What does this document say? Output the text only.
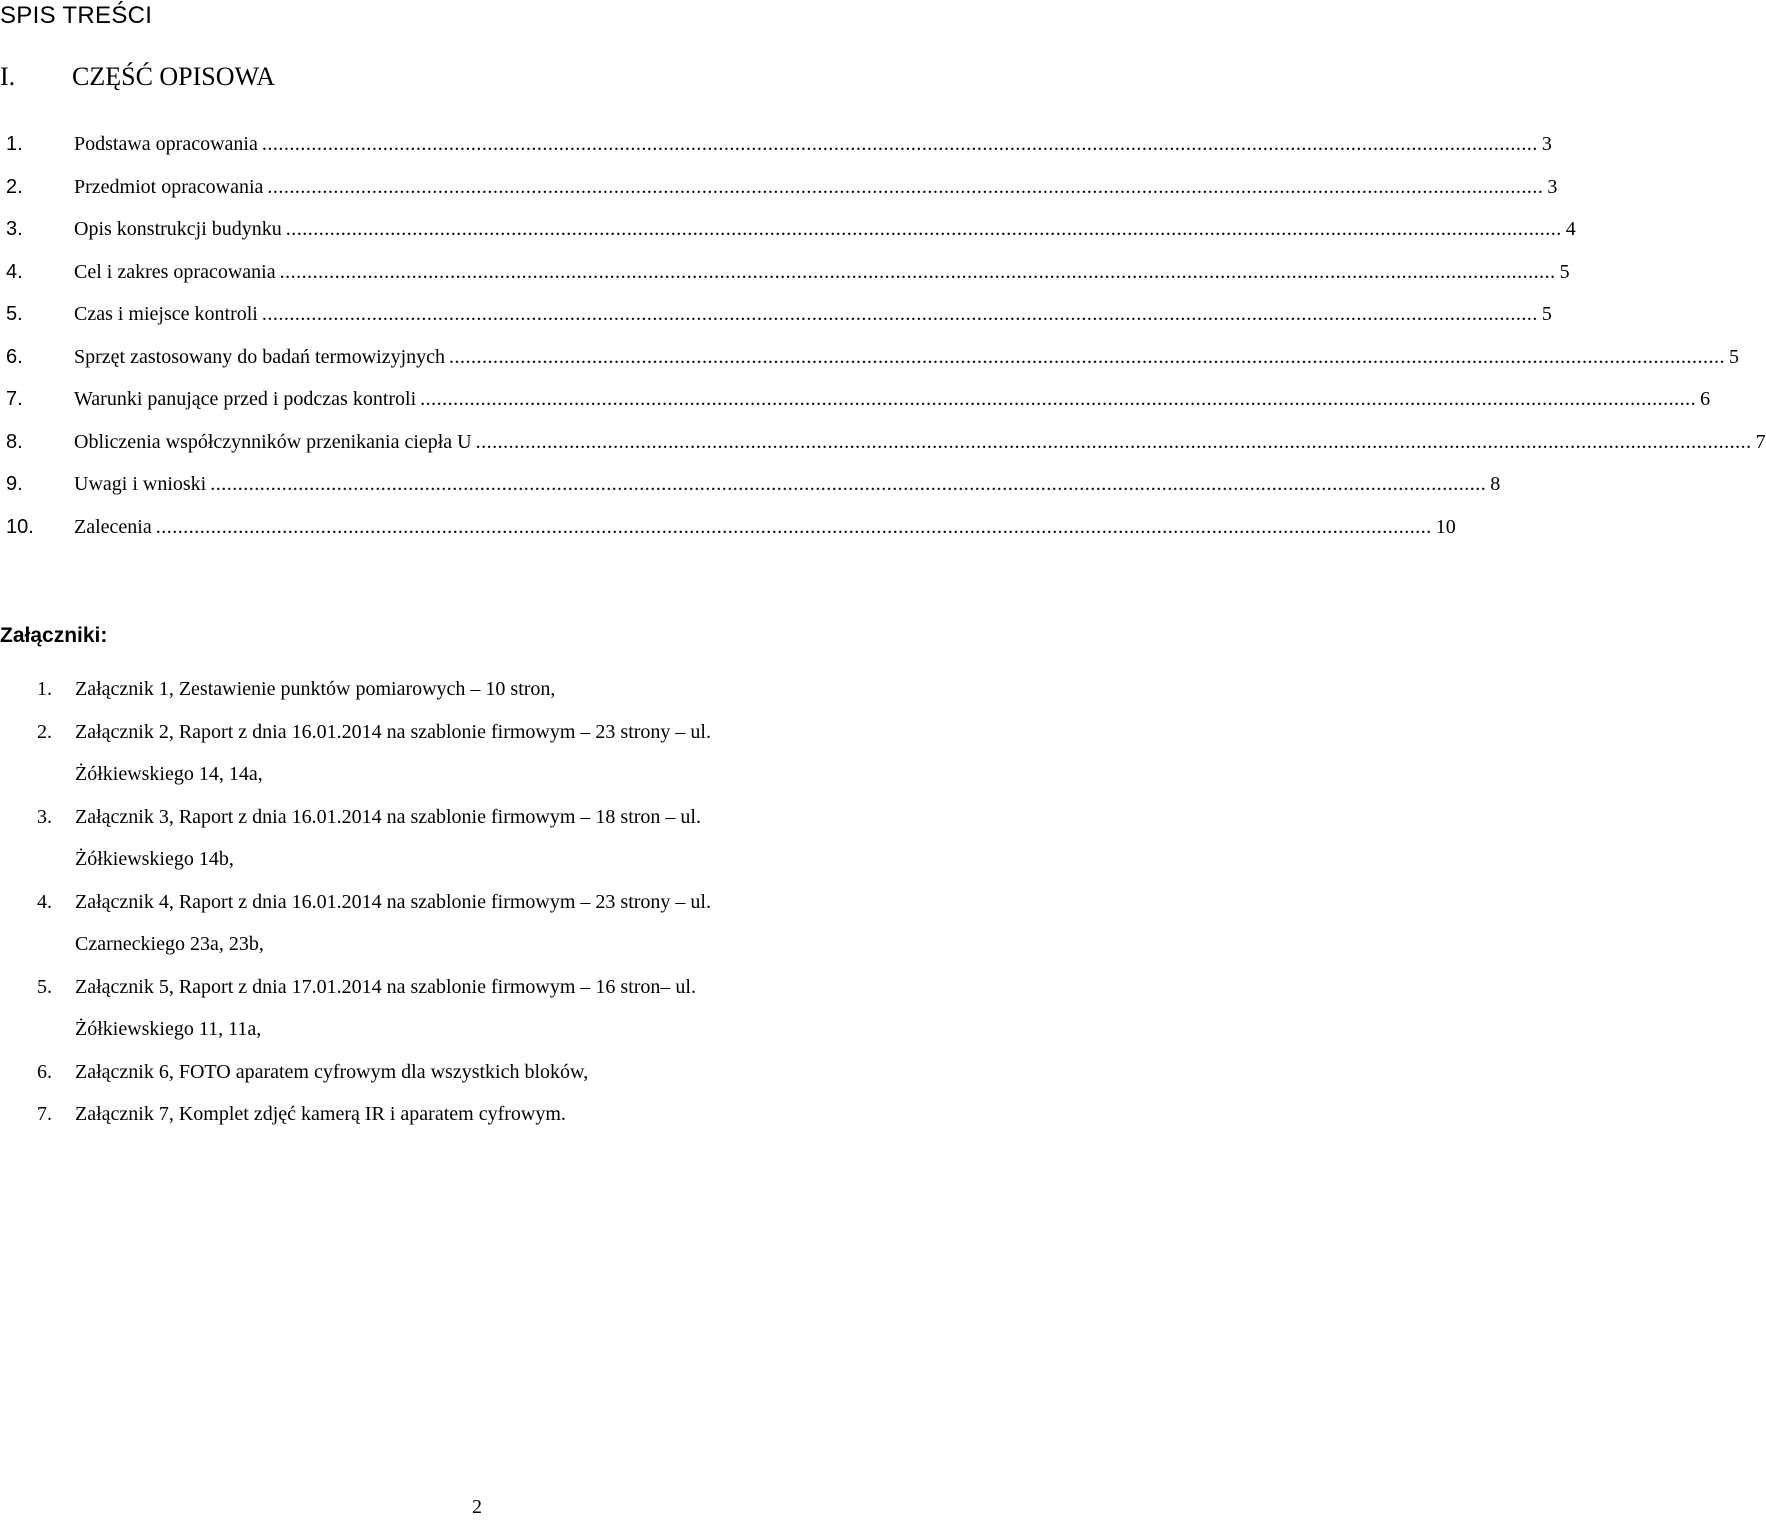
SPIS TREŚCI
I. CZĘŚĆ OPISOWA
1.	Podstawa opracowania .....	3
2.	Przedmiot opracowania .....	3
3.	Opis konstrukcji budynku .....	4
4.	Cel i zakres opracowania .....	5
5.	Czas i miejsce kontroli .....	5
6.	Sprzęt zastosowany do badań termowizyjnych .....	5
7.	Warunki panujące przed i podczas kontroli .....	6
8.	Obliczenia współczynników przenikania ciepła U .....	7
9.	Uwagi i wnioski .....	8
10. Zalecenia .....	10
Załączniki:
1. Załącznik 1, Zestawienie punktów pomiarowych – 10 stron,
2. Załącznik 2, Raport z dnia 16.01.2014 na szablonie firmowym – 23 strony – ul.
Żółkiewskiego 14, 14a,
3. Załącznik 3, Raport z dnia 16.01.2014 na szablonie firmowym – 18 stron – ul.
Żółkiewskiego 14b,
4. Załącznik 4, Raport z dnia 16.01.2014 na szablonie firmowym – 23 strony – ul.
Czarneckiego 23a, 23b,
5. Załącznik 5, Raport z dnia 17.01.2014 na szablonie firmowym – 16 stron– ul.
Żółkiewskiego 11, 11a,
6. Załącznik 6, FOTO aparatem cyfrowym dla wszystkich bloków,
7. Załącznik 7, Komplet zdjęć kamerą IR i aparatem cyfrowym.
2
